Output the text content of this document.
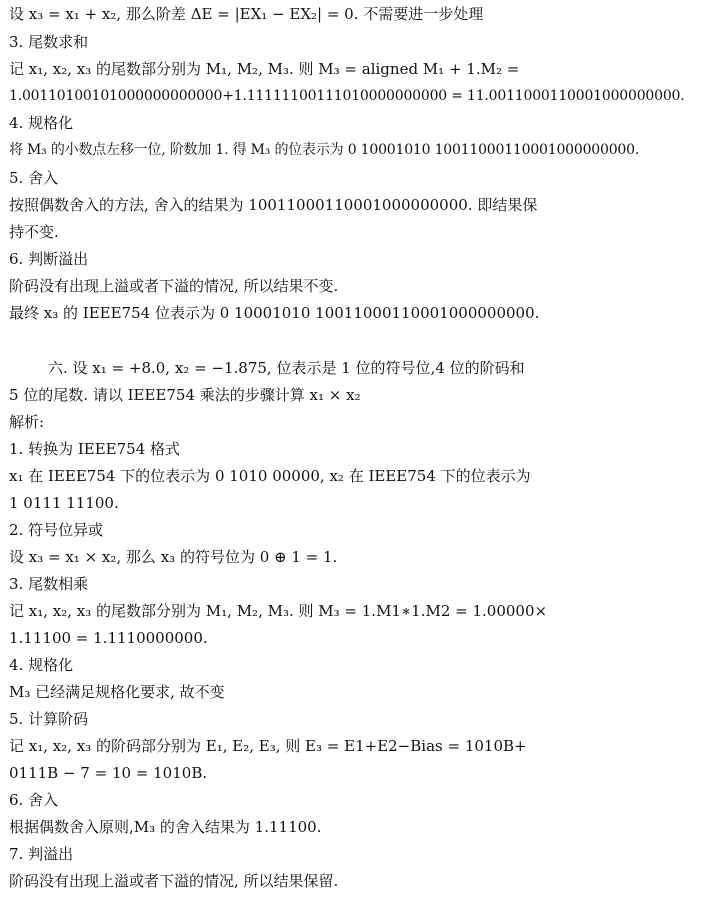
设 x₃ = x₁ + x₂, 那么阶差 ΔE = |EX₁ − EX₂| = 0. 不需要进一步处理
3. 尾数求和
记 x₁, x₂, x₃ 的尾数部分别为 M₁, M₂, M₃. 则 M₃ = aligned M₁ + 1.M₂ =
1.00110100101000000000000+1.11111100111010000000000 = 11.0011000110001000000000.
4. 规格化
将 M₃ 的小数点左移一位, 阶数加 1. 得 M₃ 的位表示为 0 10001010 10011000110001000000000.
5. 舍入
按照偶数舍入的方法, 舍入的结果为 10011000110001000000000. 即结果保
持不变.
6. 判断溢出
阶码没有出现上溢或者下溢的情况, 所以结果不变.
最终 x₃ 的 IEEE754 位表示为 0 10001010 10011000110001000000000.
六. 设 x₁ = +8.0, x₂ = −1.875, 位表示是 1 位的符号位,4 位的阶码和
5 位的尾数. 请以 IEEE754 乘法的步骤计算 x₁ × x₂
解析:
1. 转换为 IEEE754 格式
x₁ 在 IEEE754 下的位表示为 0 1010 00000, x₂ 在 IEEE754 下的位表示为
1 0111 11100.
2. 符号位异或
设 x₃ = x₁ × x₂, 那么 x₃ 的符号位为 0 ⊕ 1 = 1.
3. 尾数相乘
记 x₁, x₂, x₃ 的尾数部分别为 M₁, M₂, M₃. 则 M₃ = 1.M1∗1.M2 = 1.00000×
1.11100 = 1.1110000000.
4. 规格化
M₃ 已经满足规格化要求, 故不变
5. 计算阶码
记 x₁, x₂, x₃ 的阶码部分别为 E₁, E₂, E₃, 则 E₃ = E1+E2−Bias = 1010B+
0111B − 7 = 10 = 1010B.
6. 舍入
根据偶数舍入原则,M₃ 的舍入结果为 1.11100.
7. 判溢出
阶码没有出现上溢或者下溢的情况, 所以结果保留.
